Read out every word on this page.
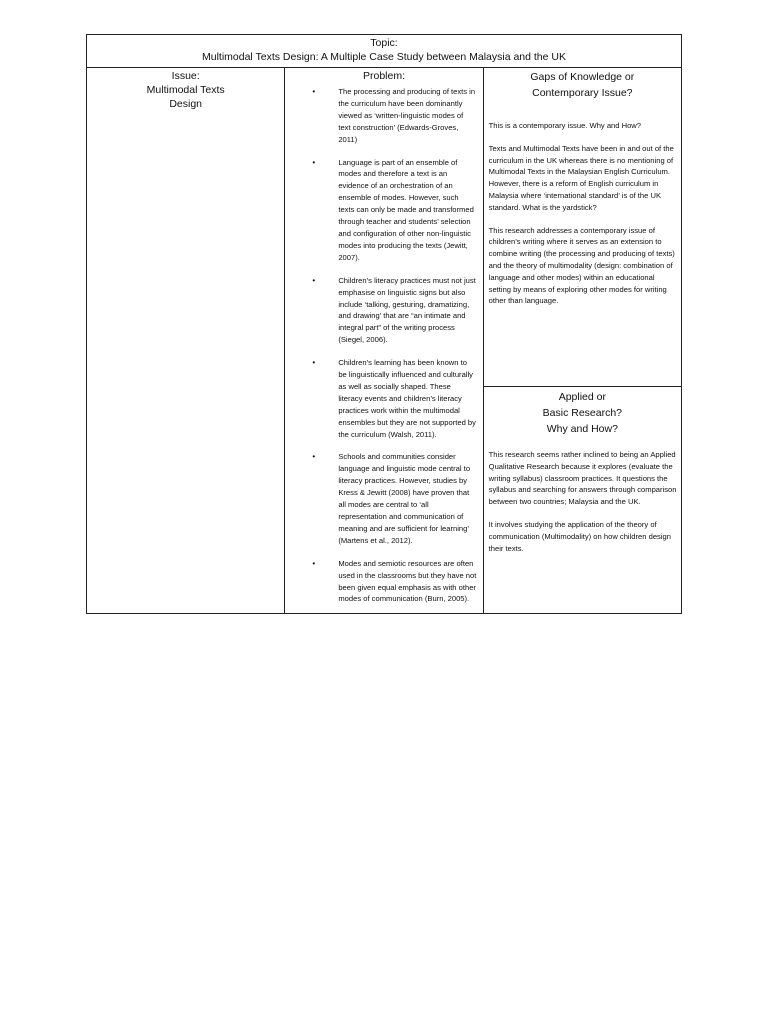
Topic:
Multimodal Texts Design: A Multiple Case Study between Malaysia and the UK

Issue:
Multimodal Texts
Design

Problem:
•	The processing and producing of texts in the curriculum have been dominantly viewed as ‘written-linguistic modes of text construction’ (Edwards-Groves, 2011)
•	Language is part of an ensemble of modes and therefore a text is an evidence of an orchestration of an ensemble of modes. However, such texts can only be made and transformed through teacher and students’ selection and configuration of other non-linguistic modes into producing the texts (Jewitt, 2007).
•	Children’s literacy practices must not just emphasise on linguistic signs but also include ‘talking, gesturing, dramatizing, and drawing’ that are “an intimate and integral part” of the writing process (Siegel, 2006).
•	Children’s learning has been known to be linguistically influenced and culturally as well as socially shaped. These literacy events and children’s literacy practices work within the multimodal ensembles but they are not supported by the curriculum (Walsh, 2011).
•	Schools and communities consider language and linguistic mode central to literacy practices. However, studies by Kress & Jewitt (2008) have proven that all modes are central to ‘all representation and communication of meaning and are sufficient for learning’ (Martens et al., 2012).
•	Modes and semiotic resources are often used in the classrooms but they have not been given equal emphasis as with other modes of communication (Burn, 2005).

Gaps of Knowledge or
Contemporary Issue?

This is a contemporary issue. Why and How?

Texts and Multimodal Texts have been in and out of the curriculum in the UK whereas there is no mentioning of Multimodal Texts in the Malaysian English Curriculum. However, there is a reform of English curriculum in Malaysia where ‘international standard’ is of the UK standard. What is the yardstick?

This research addresses a contemporary issue of children’s writing where it serves as an extension to combine writing (the processing and producing of texts) and the theory of multimodality (design: combination of language and other modes) within an educational setting by means of exploring other modes for writing other than language.

Applied or
Basic Research?
Why and How?

This research seems rather inclined to being an Applied Qualitative Research because it explores (evaluate the writing syllabus) classroom practices. It questions the syllabus and searching for answers through comparison between two countries; Malaysia and the UK.

It involves studying the application of the theory of communication (Multimodality) on how children design their texts.
